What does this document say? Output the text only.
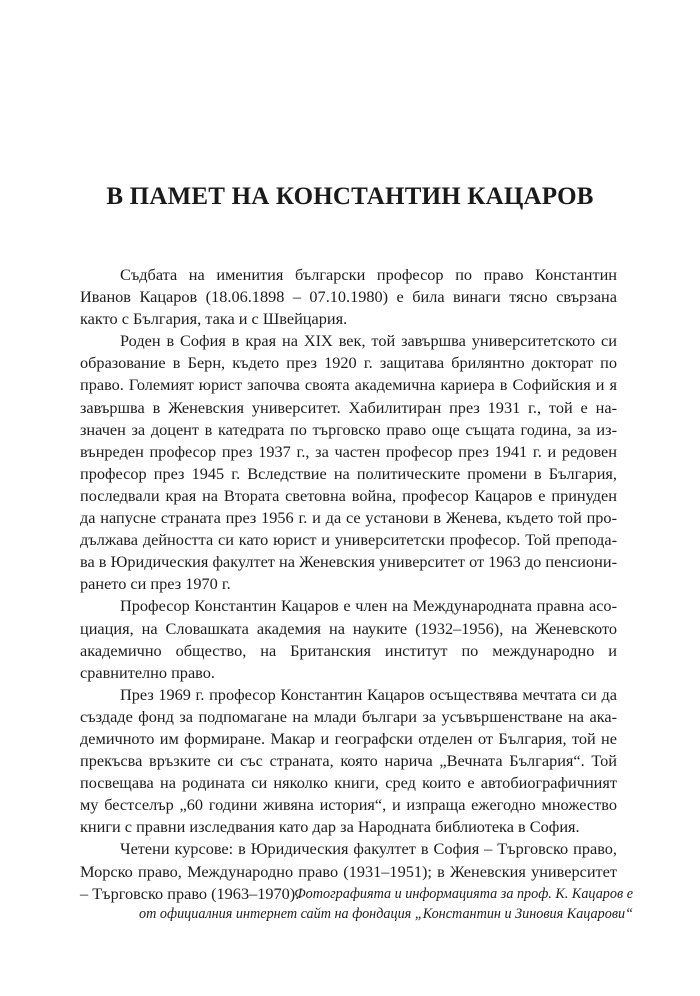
В ПАМЕТ НА КОНСТАНТИН КАЦАРОВ

Съдбата на именития български професор по право Константин Иванов Кацаров (18.06.1898 – 07.10.1980) е била винаги тясно свързана както с България, така и с Швейцария.

Роден в София в края на XIX век, той завършва университетското си образование в Берн, където през 1920 г. защитава брилянтно докторат по право. Големият юрист започва своята академична кариера в Софийския и я завършва в Женевския университет. Хабилитиран през 1931 г., той е назначен за доцент в катедрата по търговско право още същата година, за извънреден професор през 1937 г., за частен професор през 1941 г. и редовен професор през 1945 г. Вследствие на политическите промени в България, последвали края на Втората световна война, професор Кацаров е принуден да напусне страната през 1956 г. и да се установи в Женева, където той продължава дейността си като юрист и университетски професор. Той преподава в Юридическия факултет на Женевския университет от 1963 до пенсионирането си през 1970 г.

Професор Константин Кацаров е член на Международната правна асоциация, на Словашката академия на науките (1932–1956), на Женевското академично общество, на Британския институт по международно и сравнително право.

През 1969 г. професор Константин Кацаров осъществява мечтата си да създаде фонд за подпомагане на млади българи за усъвършенстване на академичното им формиране. Макар и географски отделен от България, той не прекъсва връзките си със страната, която нарича „Вечната България“. Той посвещава на родината си няколко книги, сред които е автобиографичният му бестселър „60 години живяна история“, и изпраща ежегодно множество книги с правни изследвания като дар за Народната библиотека в София.

Четени курсове: в Юридическия факултет в София – Търговско право, Морско право, Международно право (1931–1951); в Женевския университет – Търговско право (1963–1970).

Фотографията и информацията за проф. К. Кацаров е
от официалния интернет сайт на фондация „Константин и Зиновия Кацарови“
